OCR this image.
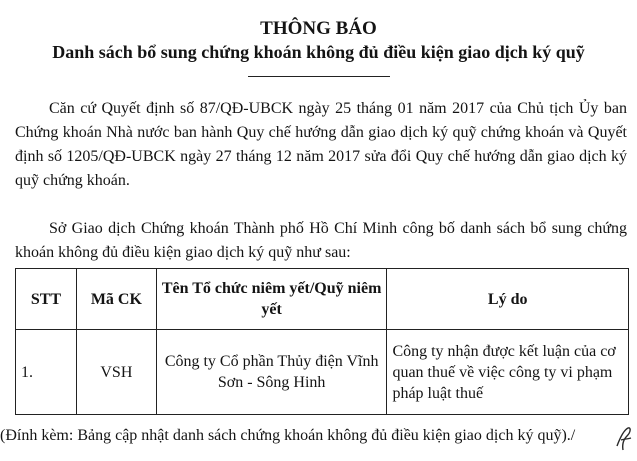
THÔNG BÁO
Danh sách bổ sung chứng khoán không đủ điều kiện giao dịch ký quỹ

Căn cứ Quyết định số 87/QĐ-UBCK ngày 25 tháng 01 năm 2017 của Chủ tịch Ủy ban Chứng khoán Nhà nước ban hành Quy chế hướng dẫn giao dịch ký quỹ chứng khoán và Quyết định số 1205/QĐ-UBCK ngày 27 tháng 12 năm 2017 sửa đổi Quy chế hướng dẫn giao dịch ký quỹ chứng khoán.

Sở Giao dịch Chứng khoán Thành phố Hồ Chí Minh công bố danh sách bổ sung chứng khoán không đủ điều kiện giao dịch ký quỹ như sau:

STT	Mã CK	Tên Tổ chức niêm yết/Quỹ niêm yết	Lý do
1.	VSH	Công ty Cổ phần Thủy điện Vĩnh Sơn - Sông Hinh	Công ty nhận được kết luận của cơ quan thuế về việc công ty vi phạm pháp luật thuế
(Đính kèm: Bảng cập nhật danh sách chứng khoán không đủ điều kiện giao dịch ký quỹ)./
